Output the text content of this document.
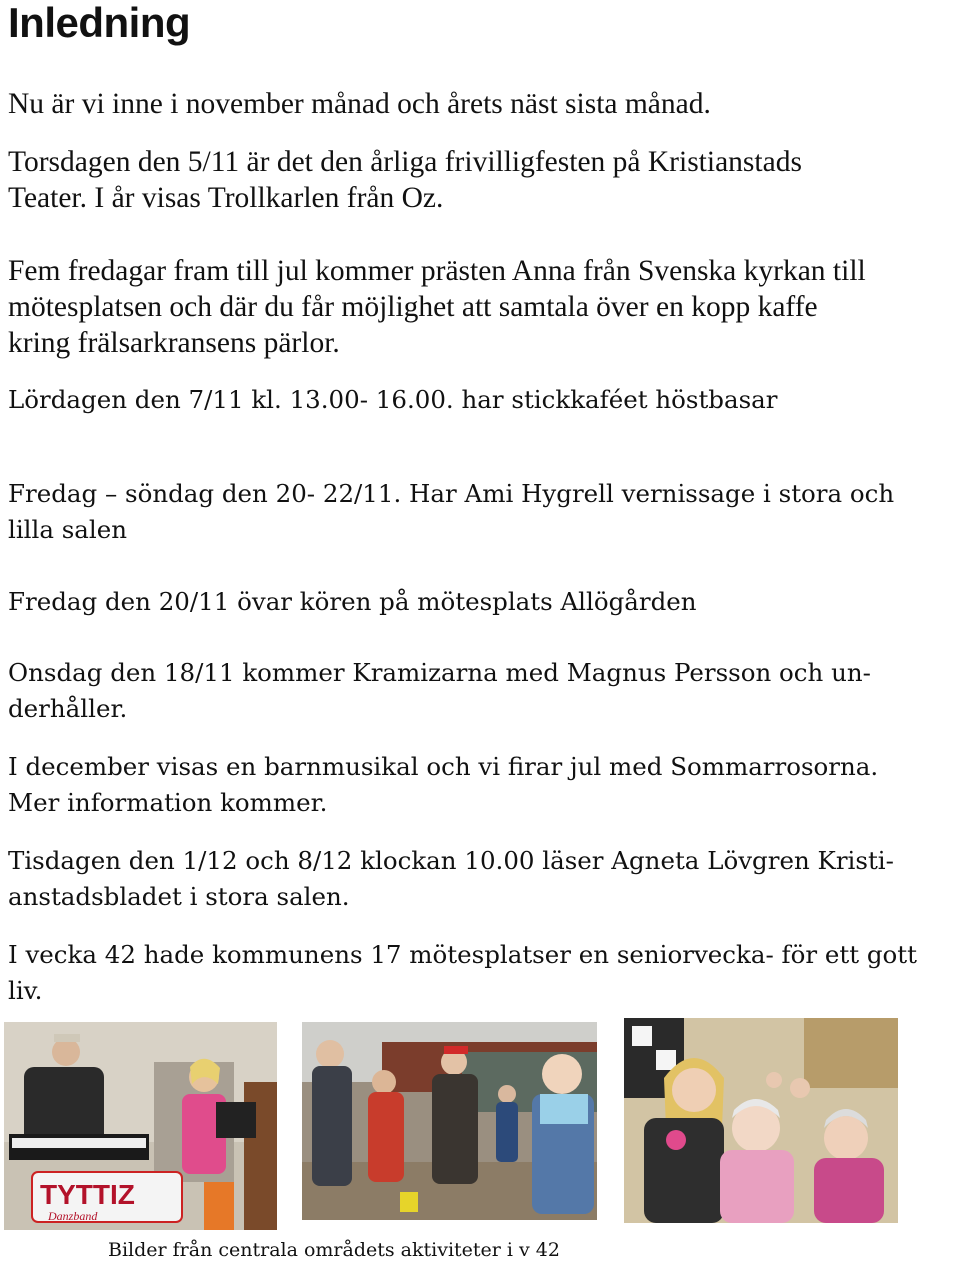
Inledning

Nu är vi inne i november månad och årets näst sista månad.

Torsdagen den 5/11 är det den årliga frivilligfesten på Kristianstads
Teater. I år visas Trollkarlen från Oz.

Fem fredagar fram till jul kommer prästen Anna från Svenska kyrkan till
mötesplatsen och där du får möjlighet att samtala över en kopp kaffe
kring frälsarkransens pärlor.

Lördagen den 7/11 kl. 13.00- 16.00. har stickkaféet höstbasar

Fredag – söndag den 20- 22/11. Har Ami Hygrell vernissage i stora och
lilla salen

Fredag den 20/11 övar kören på mötesplats Allögården

Onsdag den 18/11 kommer Kramizarna med Magnus Persson och un-
derhåller.

I december visas en barnmusikal och vi firar jul med Sommarrosorna.
Mer information kommer.

Tisdagen den 1/12 och 8/12 klockan 10.00 läser Agneta Lövgren Kristi-
anstadsbladet i stora salen.

I vecka 42 hade kommunens 17 mötesplatser en seniorvecka- för ett gott
liv.

TYTTIZ
Danzband

Bilder från centrala områdets aktiviteter i v 42
